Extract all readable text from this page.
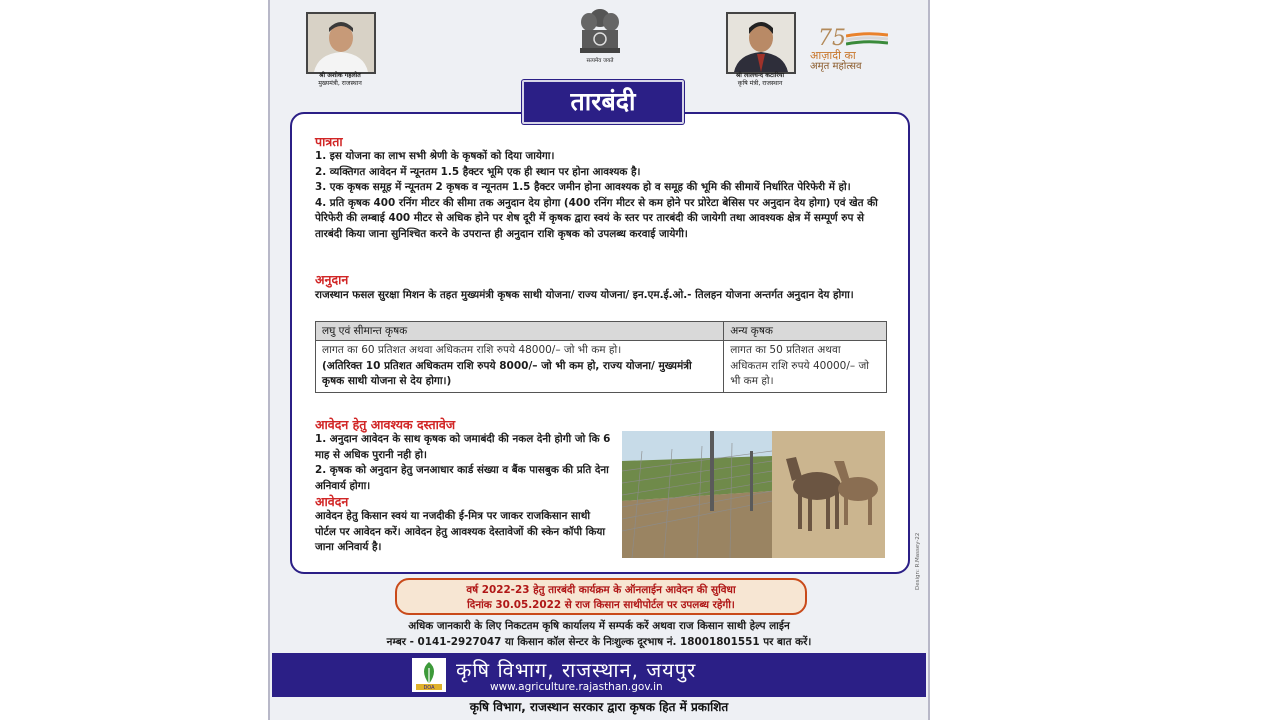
श्री अशोक गहलोत
मुख्यमंत्री, राजस्थान
सत्यमेव जयते
श्री लालचन्द कटारिया
कृषि मंत्री, राजस्थान
75
आज़ादी का
अमृत महोत्सव
तारबंदी
पात्रता
1. इस योजना का लाभ सभी श्रेणी के कृषकों को दिया जायेगा।
2. व्यक्तिगत आवेदन में न्यूनतम 1.5 हैक्टर भूमि एक ही स्थान पर होना आवश्यक है।
3. एक कृषक समूह में न्यूनतम 2 कृषक व न्यूनतम 1.5 हैक्टर जमीन होना आवश्यक हो व समूह की भूमि की सीमायें निर्धारित पेरिफेरी में हो।
4. प्रति कृषक 400 रनिंग मीटर की सीमा तक अनुदान देय होगा (400 रनिंग मीटर से कम होने पर प्रोरेटा बेसिस पर अनुदान देय होगा) एवं खेत की पेरिफेरी की लम्बाई 400 मीटर से अधिक होने पर शेष दूरी में कृषक द्वारा स्वयं के स्तर पर तारबंदी की जायेगी तथा आवश्यक क्षेत्र में सम्पूर्ण रुप से तारबंदी किया जाना सुनिश्चित करने के उपरान्त ही अनुदान राशि कृषक को उपलब्ध करवाई जायेगी।
अनुदान
राजस्थान फसल सुरक्षा मिशन के तहत मुख्यमंत्री कृषक साथी योजना/ राज्य योजना/ इन.एम.ई.ओ.- तिलहन योजना अन्तर्गत अनुदान देय होगा।
लघु एवं सीमान्त कृषक	अन्य कृषक

लागत का 60 प्रतिशत अथवा अधिकतम राशि रुपये 48000/– जो भी कम हो।
(अतिरिक्त 10 प्रतिशत अधिकतम राशि रुपये 8000/– जो भी कम हो, राज्य योजना/ मुख्यमंत्री कृषक साथी योजना से देय होगा।)	लागत का 50 प्रतिशत अथवा अधिकतम राशि रुपये 40000/– जो भी कम हो।
आवेदन हेतु आवश्यक दस्तावेज
1. अनुदान आवेदन के साथ कृषक को जमाबंदी की नकल देनी होगी जो कि 6 माह से अधिक पुरानी नही हो।
2. कृषक को अनुदान हेतु जनआधार कार्ड संख्या व बैंक पासबुक की प्रति देना अनिवार्य होगा।
आवेदन
आवेदन हेतु किसान स्वयं या नजदीकी ई-मित्र पर जाकर राजकिसान साथी पोर्टल पर आवेदन करें। आवेदन हेतु आवश्यक देस्तावेजों की स्केन कॉपी किया जाना अनिवार्य है।
वर्ष 2022-23 हेतु तारबंदी कार्यक्रम के ऑनलाईन आवेदन की सुविधा
दिनांक 30.05.2022 से राज किसान साथीपोर्टल पर उपलब्ध रहेगी।
अधिक जानकारी के लिए निकटतम कृषि कार्यालय में सम्पर्क करें अथवा राज किसान साथी हेल्प लाईन
नम्बर - 0141-2927047 या किसान कॉल सेन्टर के निःशुल्क दूरभाष नं. 18001801551 पर बात करें।
Design: R.Massey-22
DOA
कृषि विभाग, राजस्थान, जयपुर
www.agriculture.rajasthan.gov.in
कृषि विभाग, राजस्थान सरकार द्वारा कृषक हित में प्रकाशित
